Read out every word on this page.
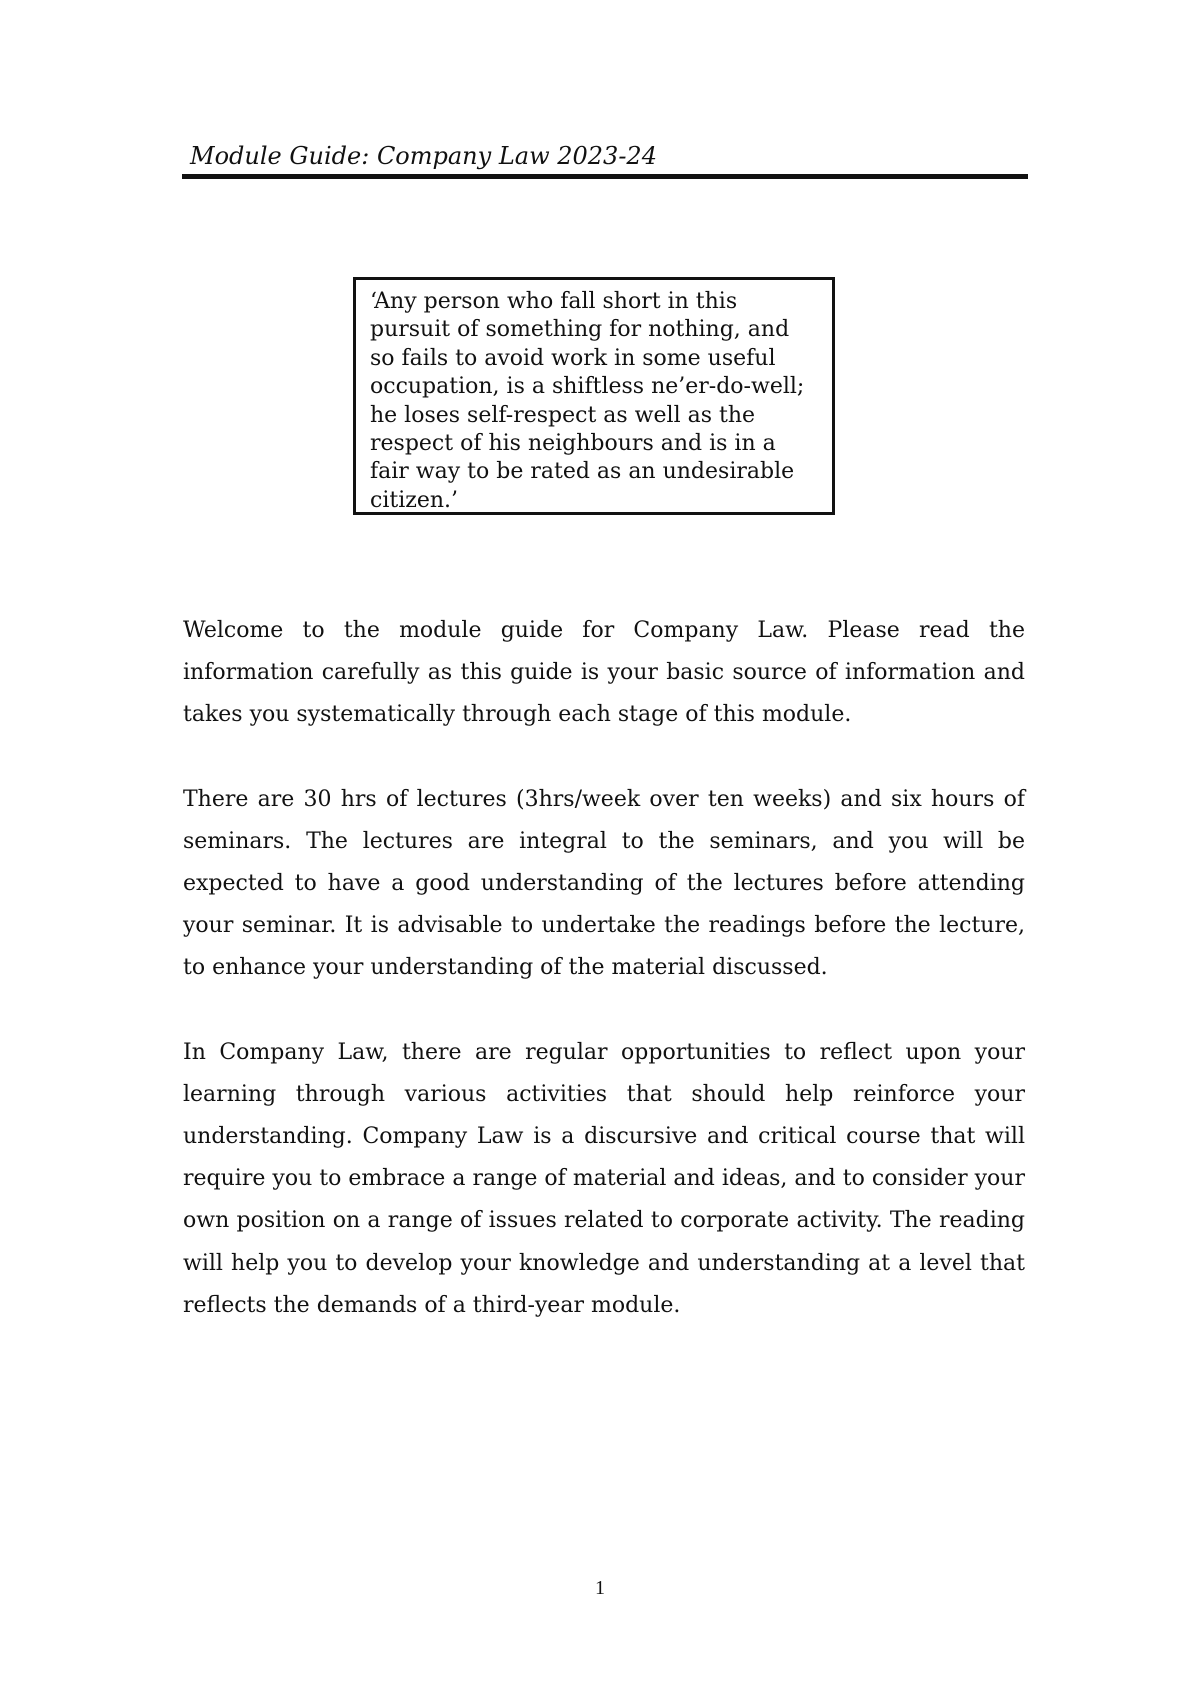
Module Guide: Company Law 2023-24

‘Any person who fall short in this pursuit of something for nothing, and so fails to avoid work in some useful occupation, is a shiftless ne’er-do-well; he loses self-respect as well as the respect of his neighbours and is in a fair way to be rated as an undesirable citizen.’

Welcome to the module guide for Company Law. Please read the information carefully as this guide is your basic source of information and takes you systematically through each stage of this module.

There are 30 hrs of lectures (3hrs/week over ten weeks) and six hours of seminars. The lectures are integral to the seminars, and you will be expected to have a good understanding of the lectures before attending your seminar. It is advisable to undertake the readings before the lecture, to enhance your understanding of the material discussed.

In Company Law, there are regular opportunities to reflect upon your learning through various activities that should help reinforce your understanding. Company Law is a discursive and critical course that will require you to embrace a range of material and ideas, and to consider your own position on a range of issues related to corporate activity. The reading will help you to develop your knowledge and understanding at a level that reflects the demands of a third-year module.

1
